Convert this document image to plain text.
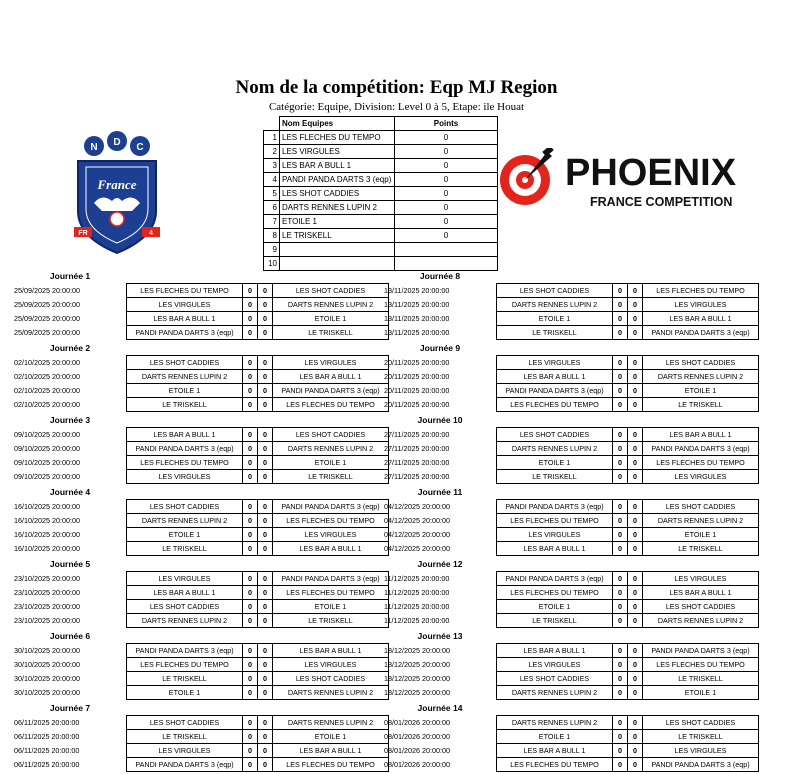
Nom de la compétition: Eqp MJ Region
Catégorie: Equipe, Division: Level 0 à 5, Etape: ile Houat
N D C
France
FR	4
PHOENIX
FRANCE COMPETITION
	Nom Equipes	Points
1	LES FLECHES DU TEMPO	0
2	LES VIRGULES	0
3	LES BAR A BULL 1	0
4	PANDI PANDA DARTS 3 (eqp)	0
5	LES SHOT CADDIES	0
6	DARTS RENNES LUPIN 2	0
7	ETOILE 1	0
8	LE TRISKELL	0
9		
10		
Journée 1
25/09/2025 20:00:00	LES FLECHES DU TEMPO	0	0	LES SHOT CADDIES
25/09/2025 20:00:00	LES VIRGULES	0	0	DARTS RENNES LUPIN 2
25/09/2025 20:00:00	LES BAR A BULL 1	0	0	ETOILE 1
25/09/2025 20:00:00	PANDI PANDA DARTS 3 (eqp)	0	0	LE TRISKELL
Journée 2
02/10/2025 20:00:00	LES SHOT CADDIES	0	0	LES VIRGULES
02/10/2025 20:00:00	DARTS RENNES LUPIN 2	0	0	LES BAR A BULL 1
02/10/2025 20:00:00	ETOILE 1	0	0	PANDI PANDA DARTS 3 (eqp)
02/10/2025 20:00:00	LE TRISKELL	0	0	LES FLECHES DU TEMPO
Journée 3
09/10/2025 20:00:00	LES BAR A BULL 1	0	0	LES SHOT CADDIES
09/10/2025 20:00:00	PANDI PANDA DARTS 3 (eqp)	0	0	DARTS RENNES LUPIN 2
09/10/2025 20:00:00	LES FLECHES DU TEMPO	0	0	ETOILE 1
09/10/2025 20:00:00	LES VIRGULES	0	0	LE TRISKELL
Journée 4
16/10/2025 20:00:00	LES SHOT CADDIES	0	0	PANDI PANDA DARTS 3 (eqp)
16/10/2025 20:00:00	DARTS RENNES LUPIN 2	0	0	LES FLECHES DU TEMPO
16/10/2025 20:00:00	ETOILE 1	0	0	LES VIRGULES
16/10/2025 20:00:00	LE TRISKELL	0	0	LES BAR A BULL 1
Journée 5
23/10/2025 20:00:00	LES VIRGULES	0	0	PANDI PANDA DARTS 3 (eqp)
23/10/2025 20:00:00	LES BAR A BULL 1	0	0	LES FLECHES DU TEMPO
23/10/2025 20:00:00	LES SHOT CADDIES	0	0	ETOILE 1
23/10/2025 20:00:00	DARTS RENNES LUPIN 2	0	0	LE TRISKELL
Journée 6
30/10/2025 20:00:00	PANDI PANDA DARTS 3 (eqp)	0	0	LES BAR A BULL 1
30/10/2025 20:00:00	LES FLECHES DU TEMPO	0	0	LES VIRGULES
30/10/2025 20:00:00	LE TRISKELL	0	0	LES SHOT CADDIES
30/10/2025 20:00:00	ETOILE 1	0	0	DARTS RENNES LUPIN 2
Journée 7
06/11/2025 20:00:00	LES SHOT CADDIES	0	0	DARTS RENNES LUPIN 2
06/11/2025 20:00:00	LE TRISKELL	0	0	ETOILE 1
06/11/2025 20:00:00	LES VIRGULES	0	0	LES BAR A BULL 1
06/11/2025 20:00:00	PANDI PANDA DARTS 3 (eqp)	0	0	LES FLECHES DU TEMPO
Journée 8
13/11/2025 20:00:00	LES SHOT CADDIES	0	0	LES FLECHES DU TEMPO
13/11/2025 20:00:00	DARTS RENNES LUPIN 2	0	0	LES VIRGULES
13/11/2025 20:00:00	ETOILE 1	0	0	LES BAR A BULL 1
13/11/2025 20:00:00	LE TRISKELL	0	0	PANDI PANDA DARTS 3 (eqp)
Journée 9
20/11/2025 20:00:00	LES VIRGULES	0	0	LES SHOT CADDIES
20/11/2025 20:00:00	LES BAR A BULL 1	0	0	DARTS RENNES LUPIN 2
20/11/2025 20:00:00	PANDI PANDA DARTS 3 (eqp)	0	0	ETOILE 1
20/11/2025 20:00:00	LES FLECHES DU TEMPO	0	0	LE TRISKELL
Journée 10
27/11/2025 20:00:00	LES SHOT CADDIES	0	0	LES BAR A BULL 1
27/11/2025 20:00:00	DARTS RENNES LUPIN 2	0	0	PANDI PANDA DARTS 3 (eqp)
27/11/2025 20:00:00	ETOILE 1	0	0	LES FLECHES DU TEMPO
27/11/2025 20:00:00	LE TRISKELL	0	0	LES VIRGULES
Journée 11
04/12/2025 20:00:00	PANDI PANDA DARTS 3 (eqp)	0	0	LES SHOT CADDIES
04/12/2025 20:00:00	LES FLECHES DU TEMPO	0	0	DARTS RENNES LUPIN 2
04/12/2025 20:00:00	LES VIRGULES	0	0	ETOILE 1
04/12/2025 20:00:00	LES BAR A BULL 1	0	0	LE TRISKELL
Journée 12
11/12/2025 20:00:00	PANDI PANDA DARTS 3 (eqp)	0	0	LES VIRGULES
11/12/2025 20:00:00	LES FLECHES DU TEMPO	0	0	LES BAR A BULL 1
11/12/2025 20:00:00	ETOILE 1	0	0	LES SHOT CADDIES
11/12/2025 20:00:00	LE TRISKELL	0	0	DARTS RENNES LUPIN 2
Journée 13
18/12/2025 20:00:00	LES BAR A BULL 1	0	0	PANDI PANDA DARTS 3 (eqp)
18/12/2025 20:00:00	LES VIRGULES	0	0	LES FLECHES DU TEMPO
18/12/2025 20:00:00	LES SHOT CADDIES	0	0	LE TRISKELL
18/12/2025 20:00:00	DARTS RENNES LUPIN 2	0	0	ETOILE 1
Journée 14
08/01/2026 20:00:00	DARTS RENNES LUPIN 2	0	0	LES SHOT CADDIES
08/01/2026 20:00:00	ETOILE 1	0	0	LE TRISKELL
08/01/2026 20:00:00	LES BAR A BULL 1	0	0	LES VIRGULES
08/01/2026 20:00:00	LES FLECHES DU TEMPO	0	0	PANDI PANDA DARTS 3 (eqp)
